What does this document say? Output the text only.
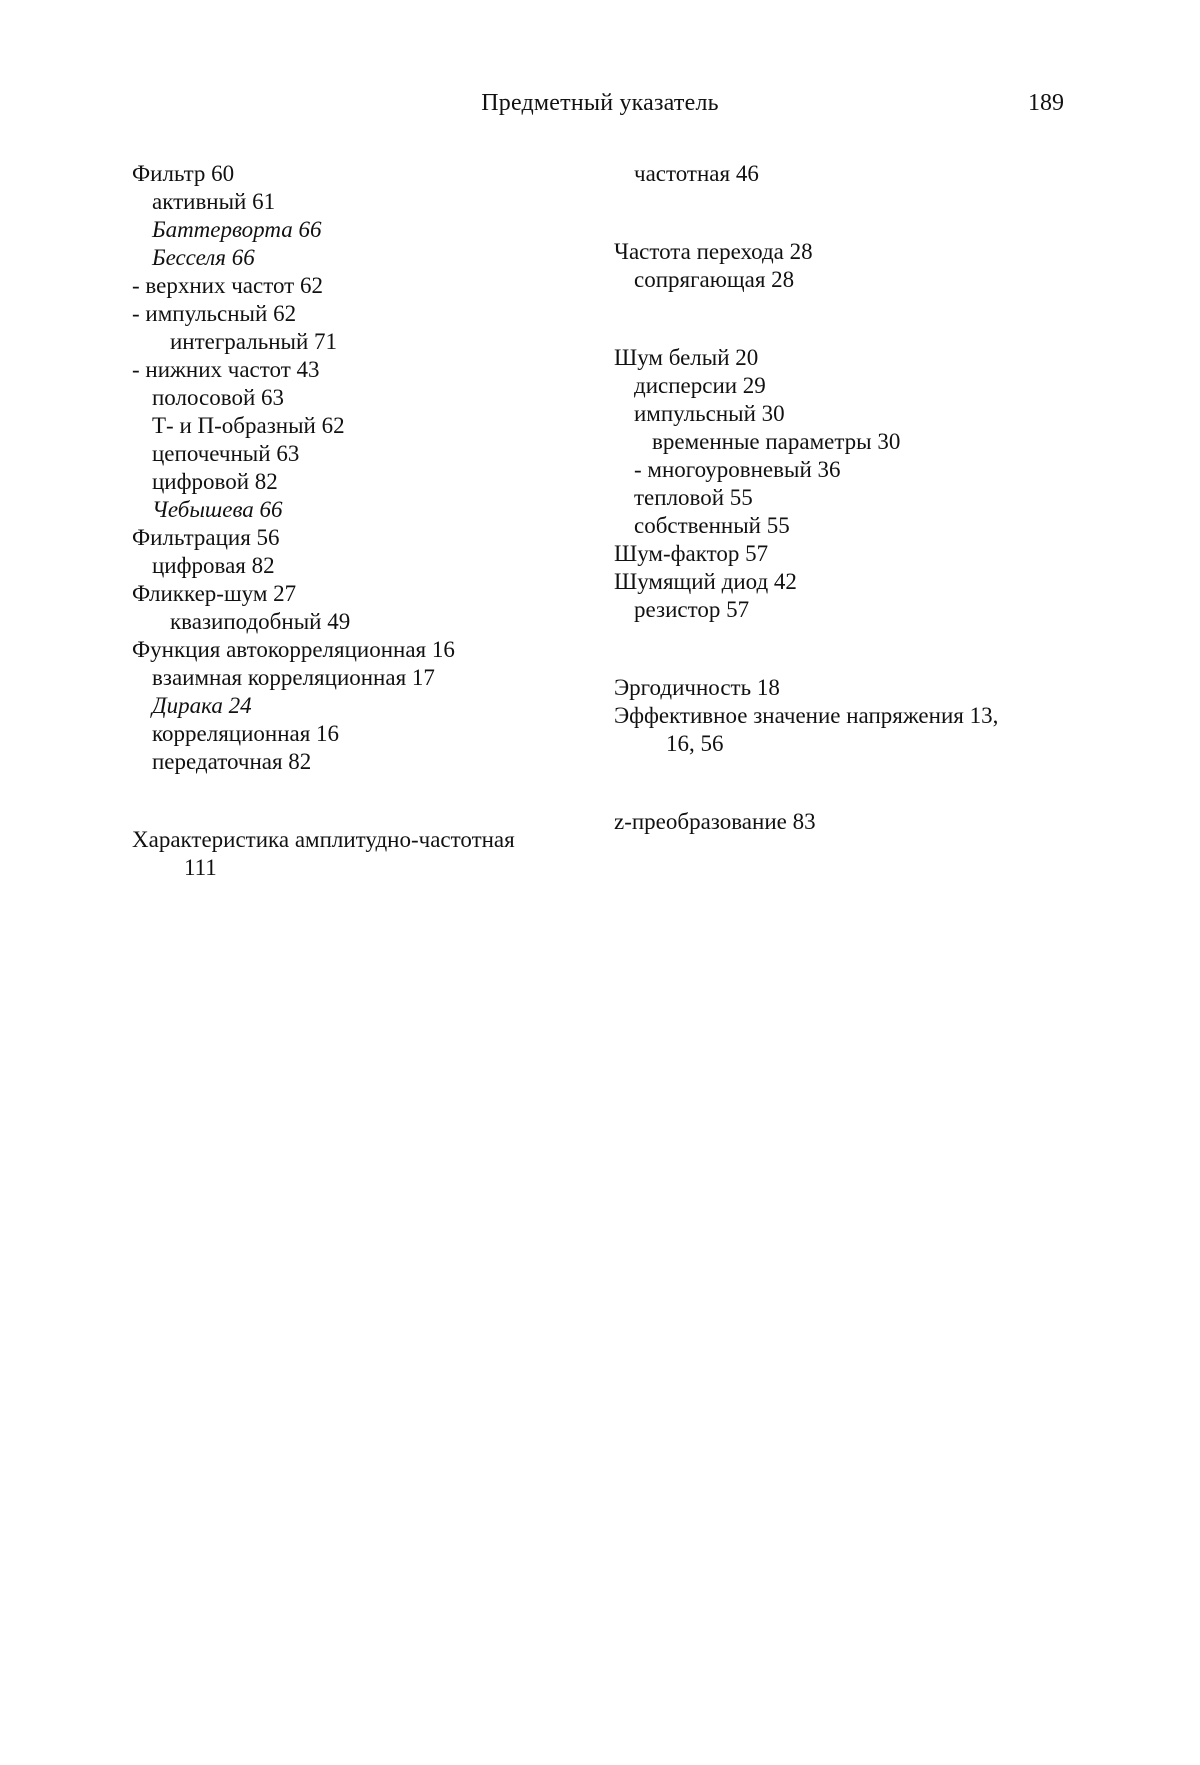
Предметный указатель	189
Фильтр 60
активный 61
Баттерворта 66
Бесселя 66
- верхних частот 62
- импульсный 62
интегральный 71
- нижних частот 43
полосовой 63
Т- и П-образный 62
цепочечный 63
цифровой 82
Чебышева 66
Фильтрация 56
цифровая 82
Фликкер-шум 27
квазиподобный 49
Функция автокорреляционная 16
взаимная корреляционная 17
Дирака 24
корреляционная 16
передаточная 82
Характеристика амплитудно-частотная
111
частотная 46
Частота перехода 28
сопрягающая 28
Шум белый 20
дисперсии 29
импульсный 30
временные параметры 30
- многоуровневый 36
тепловой 55
собственный 55
Шум-фактор 57
Шумящий диод 42
резистор 57
Эргодичность 18
Эффективное значение напряжения 13,
16, 56
z-преобразование 83
